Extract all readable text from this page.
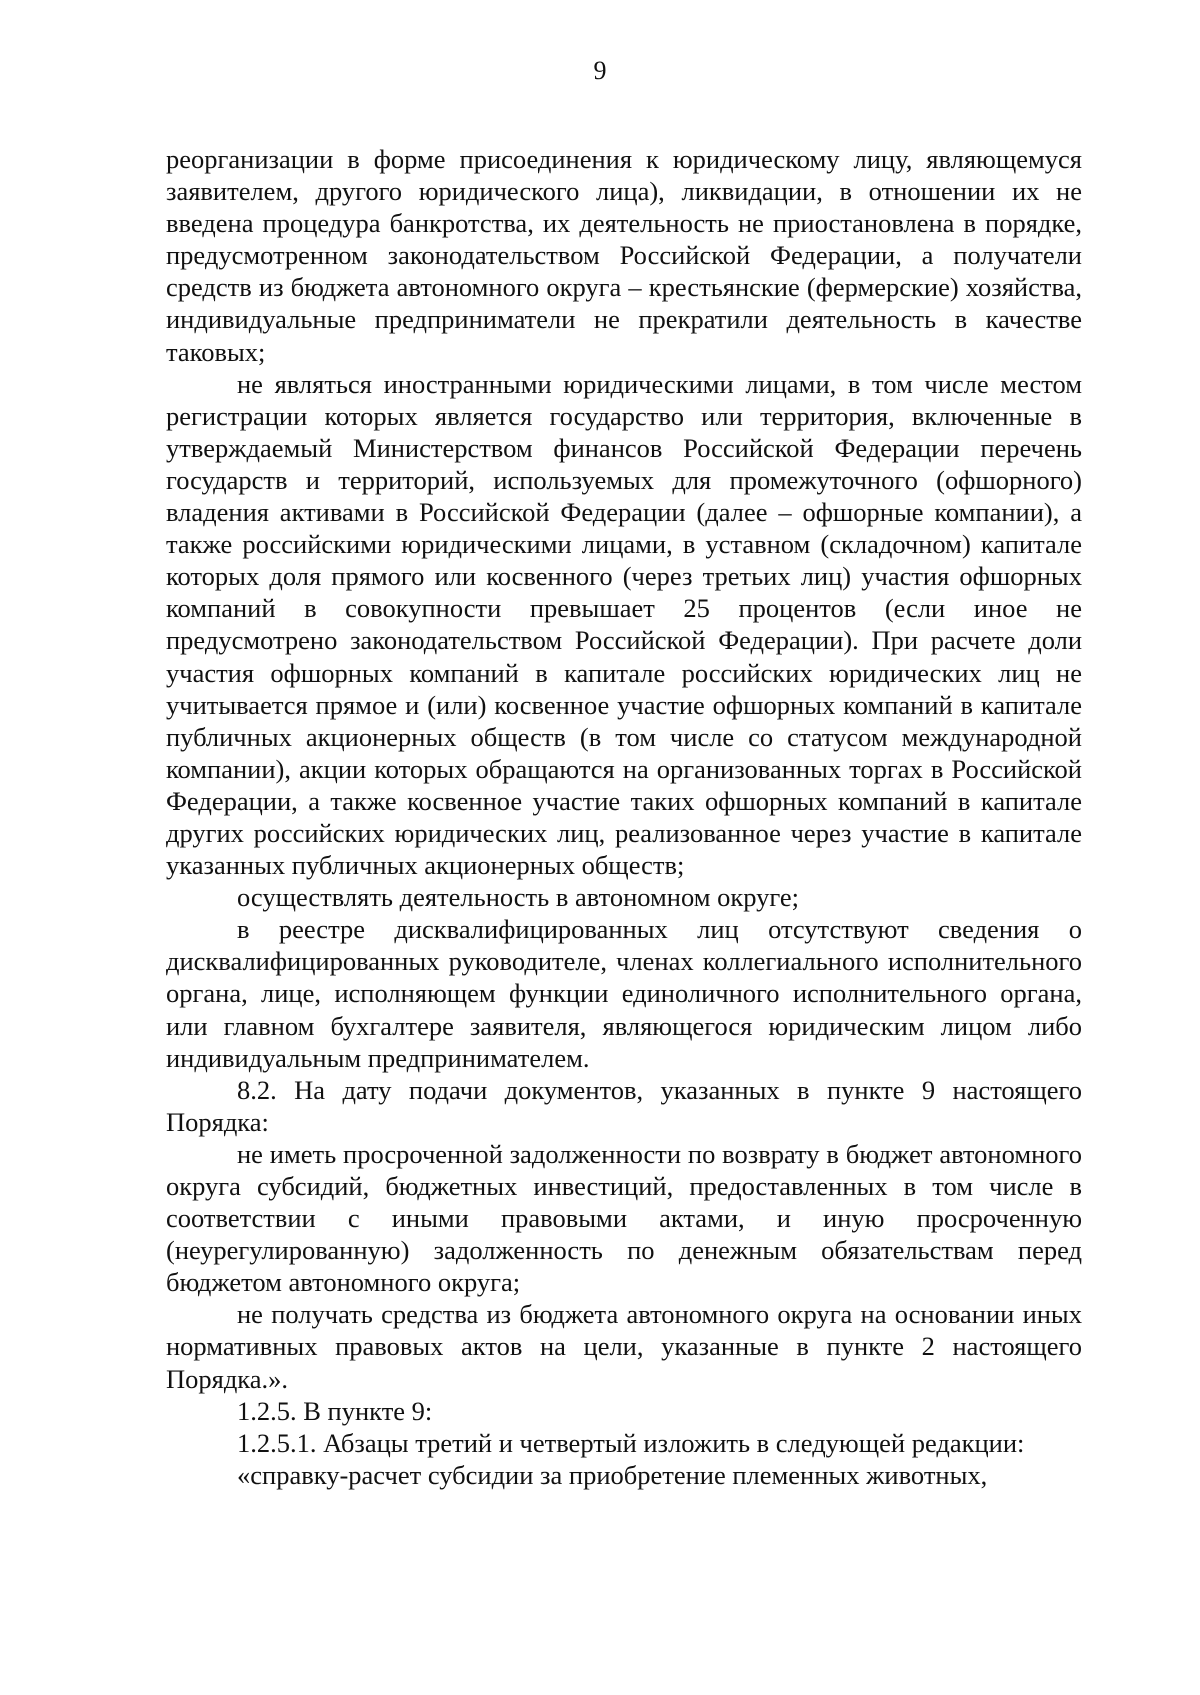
9

реорганизации в форме присоединения к юридическому лицу, являющемуся заявителем, другого юридического лица), ликвидации, в отношении их не введена процедура банкротства, их деятельность не приостановлена в порядке, предусмотренном законодательством Российской Федерации, а получатели средств из бюджета автономного округа – крестьянские (фермерские) хозяйства, индивидуальные предприниматели не прекратили деятельность в качестве таковых;

не являться иностранными юридическими лицами, в том числе местом регистрации которых является государство или территория, включенные в утверждаемый Министерством финансов Российской Федерации перечень государств и территорий, используемых для промежуточного (офшорного) владения активами в Российской Федерации (далее – офшорные компании), а также российскими юридическими лицами, в уставном (складочном) капитале которых доля прямого или косвенного (через третьих лиц) участия офшорных компаний в совокупности превышает 25 процентов (если иное не предусмотрено законодательством Российской Федерации). При расчете доли участия офшорных компаний в капитале российских юридических лиц не учитывается прямое и (или) косвенное участие офшорных компаний в капитале публичных акционерных обществ (в том числе со статусом международной компании), акции которых обращаются на организованных торгах в Российской Федерации, а также косвенное участие таких офшорных компаний в капитале других российских юридических лиц, реализованное через участие в капитале указанных публичных акционерных обществ;

осуществлять деятельность в автономном округе;

в реестре дисквалифицированных лиц отсутствуют сведения о дисквалифицированных руководителе, членах коллегиального исполнительного органа, лице, исполняющем функции единоличного исполнительного органа, или главном бухгалтере заявителя, являющегося юридическим лицом либо индивидуальным предпринимателем.

8.2. На дату подачи документов, указанных в пункте 9 настоящего Порядка:

не иметь просроченной задолженности по возврату в бюджет автономного округа субсидий, бюджетных инвестиций, предоставленных в том числе в соответствии с иными правовыми актами, и иную просроченную (неурегулированную) задолженность по денежным обязательствам перед бюджетом автономного округа;

не получать средства из бюджета автономного округа на основании иных нормативных правовых актов на цели, указанные в пункте 2 настоящего Порядка.».

1.2.5. В пункте 9:

1.2.5.1. Абзацы третий и четвертый изложить в следующей редакции:

«справку-расчет субсидии за приобретение племенных животных,
